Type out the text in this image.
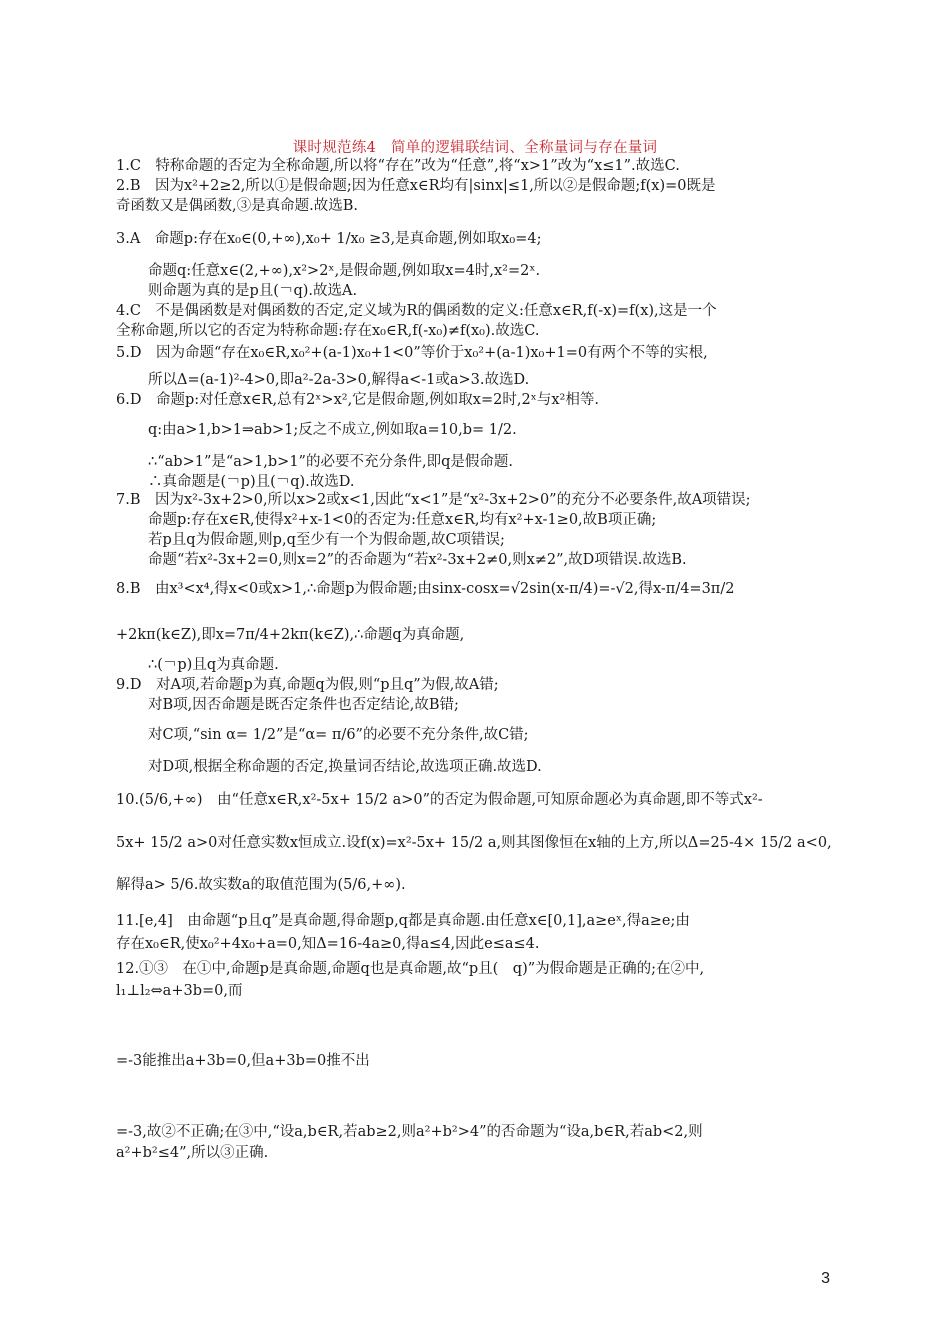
课时规范练4　简单的逻辑联结词、全称量词与存在量词
1.C　特称命题的否定为全称命题,所以将“存在”改为“任意”,将“x>1”改为“x≤1”.故选C.
2.B　因为x²+2≥2,所以①是假命题;因为任意x∈R均有|sinx|≤1,所以②是假命题;f(x)=0既是
奇函数又是偶函数,③是真命题.故选B.
3.A　命题p:存在x₀∈(0,+∞),x₀+ 1/x₀ ≥3,是真命题,例如取x₀=4;
命题q:任意x∈(2,+∞),x²>2ˣ,是假命题,例如取x=4时,x²=2ˣ.
则命题为真的是p且(￢q).故选A.
4.C　不是偶函数是对偶函数的否定,定义域为R的偶函数的定义:任意x∈R,f(-x)=f(x),这是一个
全称命题,所以它的否定为特称命题:存在x₀∈R,f(-x₀)≠f(x₀).故选C.
5.D　因为命题“存在x₀∈R,x₀²+(a-1)x₀+1<0”等价于x₀²+(a-1)x₀+1=0有两个不等的实根,
所以Δ=(a-1)²-4>0,即a²-2a-3>0,解得a<-1或a>3.故选D.
6.D　命题p:对任意x∈R,总有2ˣ>x²,它是假命题,例如取x=2时,2ˣ与x²相等.
q:由a>1,b>1⇒ab>1;反之不成立,例如取a=10,b= 1/2.
∴“ab>1”是“a>1,b>1”的必要不充分条件,即q是假命题.
∴真命题是(￢p)且(￢q).故选D.
7.B　因为x²-3x+2>0,所以x>2或x<1,因此“x<1”是“x²-3x+2>0”的充分不必要条件,故A项错误;
命题p:存在x∈R,使得x²+x-1<0的否定为:任意x∈R,均有x²+x-1≥0,故B项正确;
若p且q为假命题,则p,q至少有一个为假命题,故C项错误;
命题“若x²-3x+2=0,则x=2”的否命题为“若x²-3x+2≠0,则x≠2”,故D项错误.故选B.
8.B　由x³<x⁴,得x<0或x>1,∴命题p为假命题;由sinx-cosx=√2sin(x-π/4)=-√2,得x-π/4=3π/2
+2kπ(k∈Z),即x=7π/4+2kπ(k∈Z),∴命题q为真命题,
∴(￢p)且q为真命题.
9.D　对A项,若命题p为真,命题q为假,则“p且q”为假,故A错;
对B项,因否命题是既否定条件也否定结论,故B错;
对C项,“sin α= 1/2”是“α= π/6”的必要不充分条件,故C错;
对D项,根据全称命题的否定,换量词否结论,故选项正确.故选D.
10.(5/6,+∞)　由“任意x∈R,x²-5x+ 15/2 a>0”的否定为假命题,可知原命题必为真命题,即不等式x²-
5x+ 15/2 a>0对任意实数x恒成立.设f(x)=x²-5x+ 15/2 a,则其图像恒在x轴的上方,所以Δ=25-4× 15/2 a<0,
解得a> 5/6.故实数a的取值范围为(5/6,+∞).
11.[e,4]　由命题“p且q”是真命题,得命题p,q都是真命题.由任意x∈[0,1],a≥eˣ,得a≥e;由
存在x₀∈R,使x₀²+4x₀+a=0,知Δ=16-4a≥0,得a≤4,因此e≤a≤4.
12.①③　在①中,命题p是真命题,命题q也是真命题,故“p且(　q)”为假命题是正确的;在②中,
l₁⊥l₂⇔a+3b=0,而
=-3能推出a+3b=0,但a+3b=0推不出
=-3,故②不正确;在③中,“设a,b∈R,若ab≥2,则a²+b²>4”的否命题为“设a,b∈R,若ab<2,则
a²+b²≤4”,所以③正确.
3
